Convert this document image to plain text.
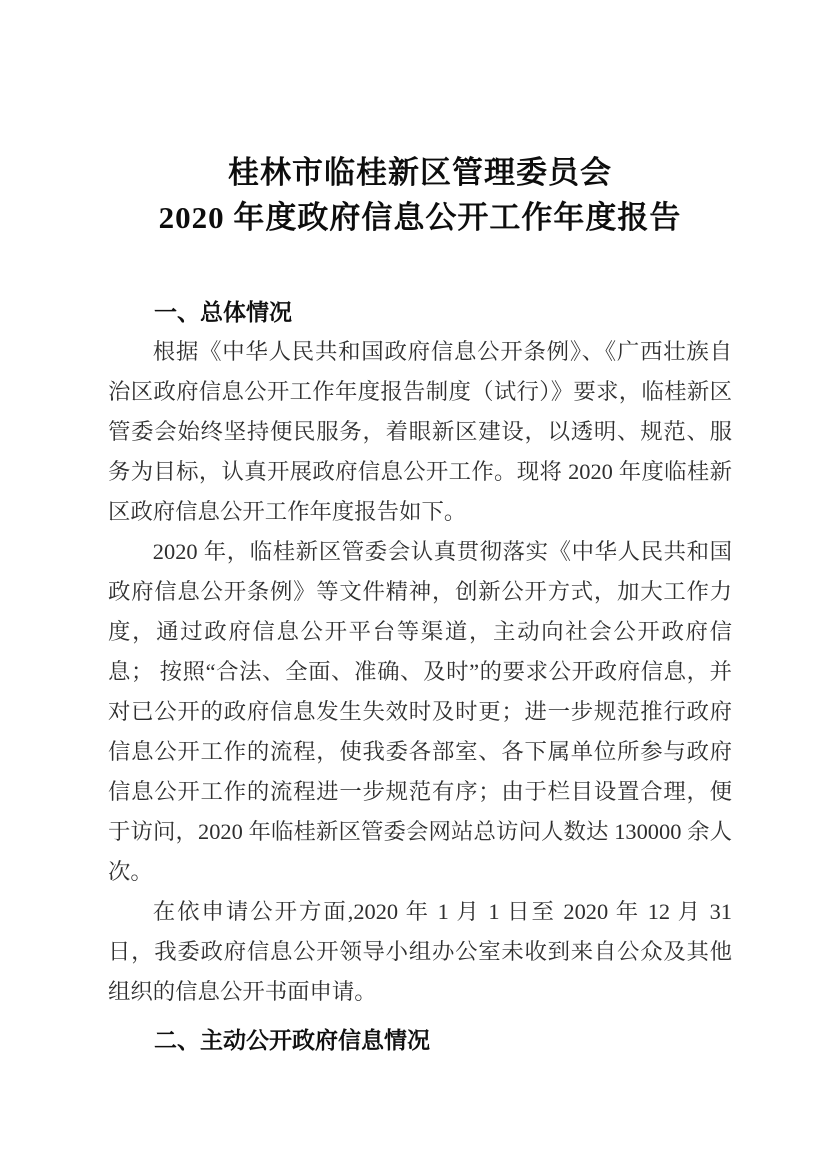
桂林市临桂新区管理委员会
2020 年度政府信息公开工作年度报告
一、总体情况

根据《中华人民共和国政府信息公开条例》、《广西壮族自治区政府信息公开工作年度报告制度（试行）》要求，临桂新区管委会始终坚持便民服务，着眼新区建设，以透明、规范、服务为目标，认真开展政府信息公开工作。现将 2020 年度临桂新区政府信息公开工作年度报告如下。

2020 年，临桂新区管委会认真贯彻落实《中华人民共和国政府信息公开条例》等文件精神，创新公开方式，加大工作力度，通过政府信息公开平台等渠道，主动向社会公开政府信息； 按照“合法、全面、准确、及时”的要求公开政府信息，并对已公开的政府信息发生失效时及时更；进一步规范推行政府信息公开工作的流程，使我委各部室、各下属单位所参与政府信息公开工作的流程进一步规范有序；由于栏目设置合理，便于访问，2020 年临桂新区管委会网站总访问人数达 130000 余人次。

在依申请公开方面,2020 年 1 月 1 日至 2020 年 12 月 31 日，我委政府信息公开领导小组办公室未收到来自公众及其他组织的信息公开书面申请。

二、主动公开政府信息情况
